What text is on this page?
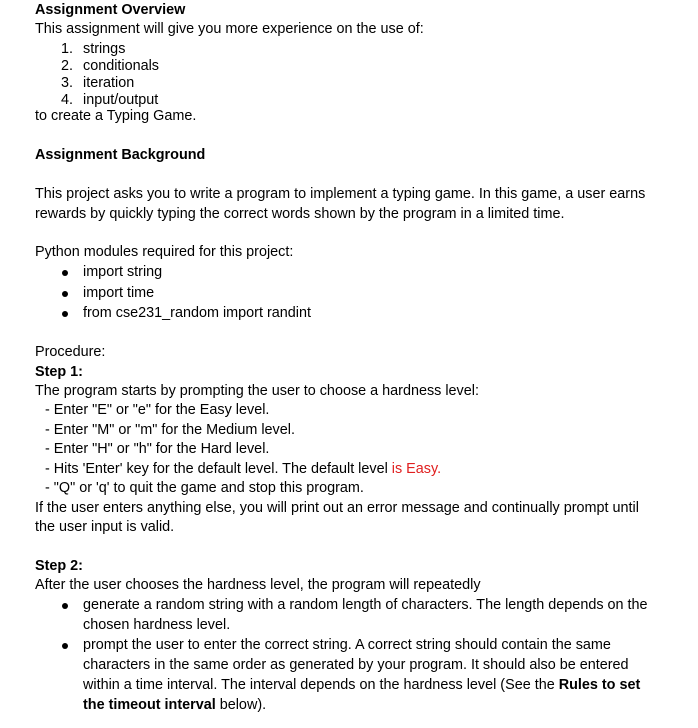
Assignment Overview
This assignment will give you more experience on the use of:
1. strings
2. conditionals
3. iteration
4. input/output
to create a Typing Game.
Assignment Background
This project asks you to write a program to implement a typing game. In this game, a user earns
rewards by quickly typing the correct words shown by the program in a limited time.
Python modules required for this project:
import string
import time
from cse231_random import randint
Procedure:
Step 1:
The program starts by prompting the user to choose a hardness level:
- Enter "E" or "e" for the Easy level.
- Enter "M" or "m" for the Medium level.
- Enter "H" or "h" for the Hard level.
- Hits 'Enter' key for the default level. The default level is Easy.
- "Q" or 'q' to quit the game and stop this program.
If the user enters anything else, you will print out an error message and continually prompt until
the user input is valid.
Step 2:
After the user chooses the hardness level, the program will repeatedly
generate a random string with a random length of characters. The length depends on the
chosen hardness level.
prompt the user to enter the correct string. A correct string should contain the same
characters in the same order as generated by your program. It should also be entered
within a time interval. The interval depends on the hardness level (See the Rules to set
the timeout interval below).
